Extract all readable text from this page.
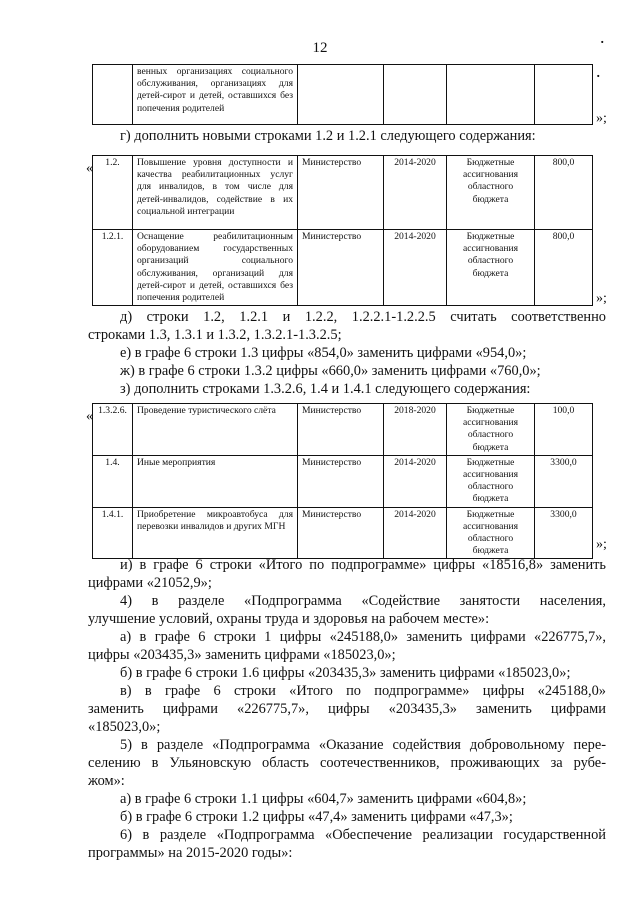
12
.
.
	венных организациях социального обслуживания, организациях для детей-сирот и детей, оставшихся без попечения родителей				
»;
г) дополнить новыми строками 1.2 и 1.2.1 следующего содержания:
« 1.2.	Повышение уровня доступности и качества реабилитационных услуг для инвалидов, в том числе для детей-инвалидов, содействие в их социальной интеграции	Министерство	2014-2020	Бюджетные ассигнования областного бюджета	800,0
1.2.1.	Оснащение реабилитационным оборудованием государственных организаций социального обслуживания, организаций для детей-сирот и детей, оставшихся без попечения родителей	Министерство	2014-2020	Бюджетные ассигнования областного бюджета	800,0
»;
д) строки 1.2, 1.2.1 и 1.2.2, 1.2.2.1-1.2.2.5 считать соответственно
строками 1.3, 1.3.1 и 1.3.2, 1.3.2.1-1.3.2.5;
е) в графе 6 строки 1.3 цифры «854,0» заменить цифрами «954,0»;
ж) в графе 6 строки 1.3.2 цифры «660,0» заменить цифрами «760,0»;
з) дополнить строками 1.3.2.6, 1.4 и 1.4.1 следующего содержания:
« 1.3.2.6.	Проведение туристического слёта	Министерство	2018-2020	Бюджетные ассигнования областного бюджета	100,0
1.4.	Иные мероприятия	Министерство	2014-2020	Бюджетные ассигнования областного бюджета	3300,0
1.4.1.	Приобретение микроавтобуса для перевозки инвалидов и других МГН	Министерство	2014-2020	Бюджетные ассигнования областного бюджета	3300,0
»;
и) в графе 6 строки «Итого по подпрограмме» цифры «18516,8» заменить
цифрами «21052,9»;
4) в разделе «Подпрограмма «Содействие занятости населения,
улучшение условий, охраны труда и здоровья на рабочем месте»:
а) в графе 6 строки 1 цифры «245188,0» заменить цифрами «226775,7»,
цифры «203435,3» заменить цифрами «185023,0»;
б) в графе 6 строки 1.6 цифры «203435,3» заменить цифрами «185023,0»;
в) в графе 6 строки «Итого по подпрограмме» цифры «245188,0»
заменить цифрами «226775,7», цифры «203435,3» заменить цифрами
«185023,0»;
5) в разделе «Подпрограмма «Оказание содействия добровольному пере-
селению в Ульяновскую область соотечественников, проживающих за рубе-
жом»:
а) в графе 6 строки 1.1 цифры «604,7» заменить цифрами «604,8»;
б) в графе 6 строки 1.2 цифры «47,4» заменить цифрами «47,3»;
6) в разделе «Подпрограмма «Обеспечение реализации государственной
программы» на 2015-2020 годы»:
